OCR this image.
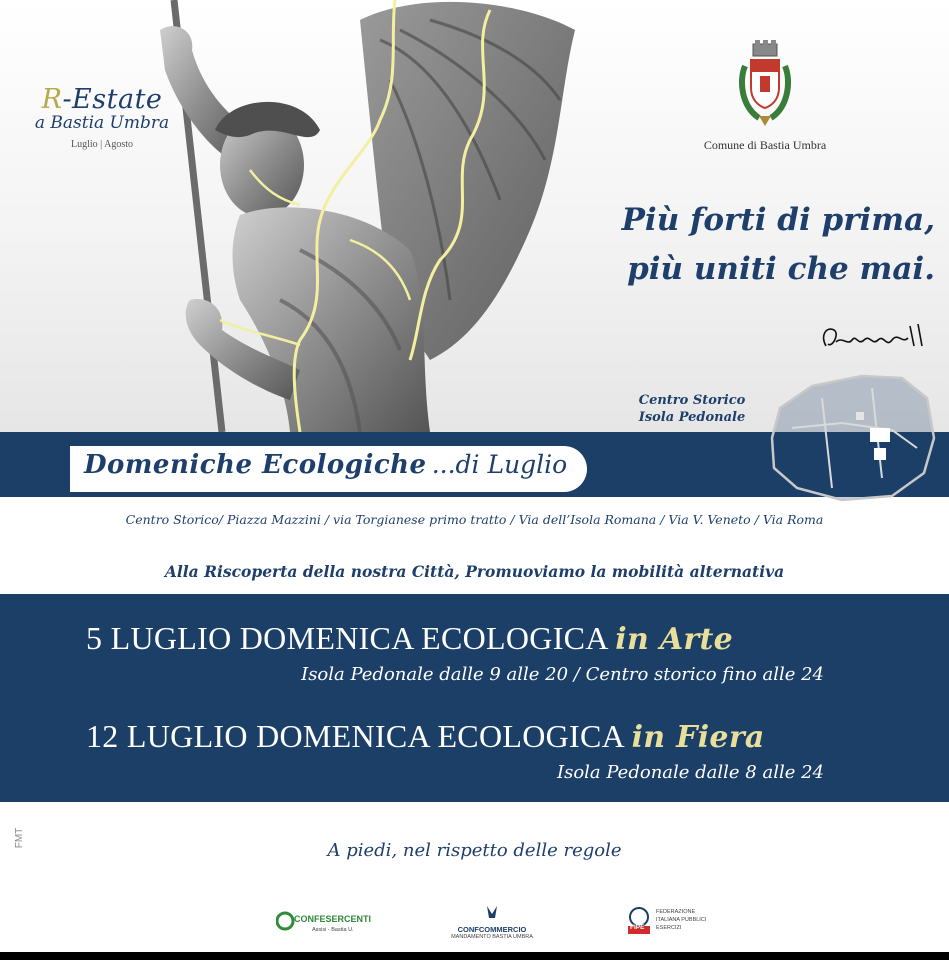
R-Estate
a Bastia Umbra
Luglio | Agosto	Comune di Bastia Umbra
Più forti di prima,
più uniti che mai.
Centro Storico
Isola Pedonale
Domeniche Ecologiche ...di Luglio
Centro Storico/ Piazza Mazzini / via Torgianese primo tratto / Via dell’Isola Romana / Via V. Veneto / Via Roma
Alla Riscoperta della nostra Città, Promuoviamo la mobilità alternativa
5 LUGLIO DOMENICA ECOLOGICA in Arte
Isola Pedonale dalle 9 alle 20 / Centro storico fino alle 24
12 LUGLIO DOMENICA ECOLOGICA in Fiera
Isola Pedonale dalle 8 alle 24
FMT
A piedi, nel rispetto delle regole
CONFESERCENTI
Assisi - Bastia U.	CONFCOMMERCIO
MANDAMENTO BASTIA UMBRA
FIPE
FEDERAZIONE ITALIANA PUBBLICI ESERCIZI
